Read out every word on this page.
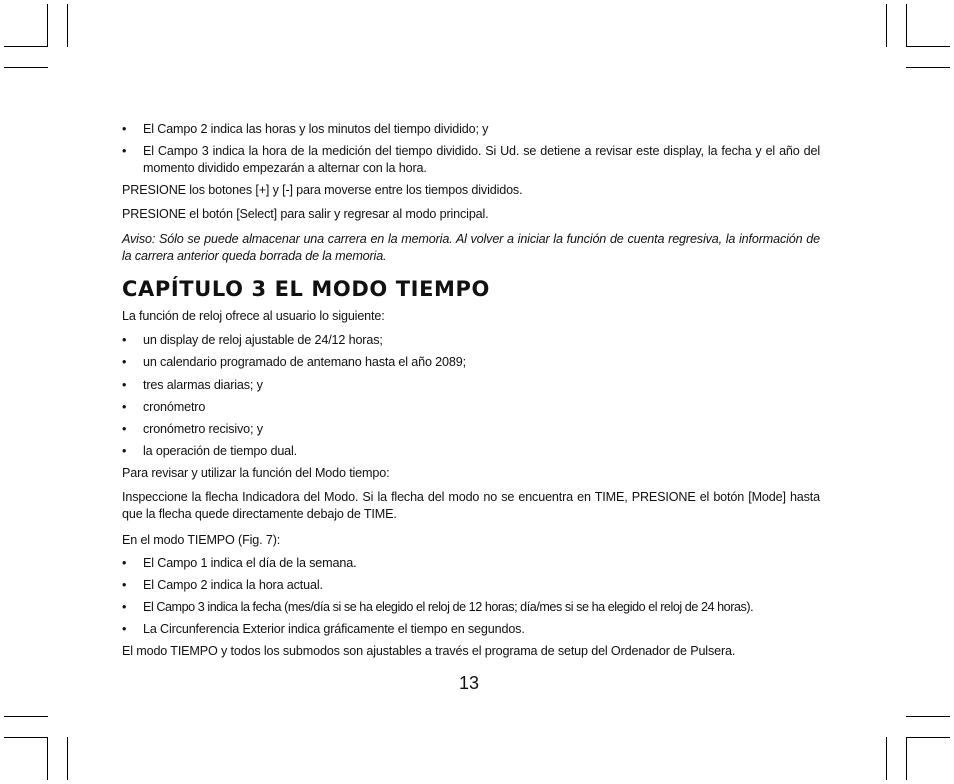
• El Campo 2 indica las horas y los minutos del tiempo dividido; y
• El Campo 3 indica la hora de la medición del tiempo dividido. Si Ud. se detiene a revisar este display, la fecha y el año del momento dividido empezarán a alternar con la hora.
PRESIONE los botones [+] y [-] para moverse entre los tiempos divididos.
PRESIONE el botón [Select] para salir y regresar al modo principal.
Aviso: Sólo se puede almacenar una carrera en la memoria. Al volver a iniciar la función de cuenta regresiva, la información de la carrera anterior queda borrada de la memoria.
CAPÍTULO 3 EL MODO TIEMPO
La función de reloj ofrece al usuario lo siguiente:
• un display de reloj ajustable de 24/12 horas;
• un calendario programado de antemano hasta el año 2089;
• tres alarmas diarias; y
• cronómetro
• cronómetro recisivo; y
• la operación de tiempo dual.
Para revisar y utilizar la función del Modo tiempo:
Inspeccione la flecha Indicadora del Modo. Si la flecha del modo no se encuentra en TIME, PRESIONE el botón [Mode] hasta que la flecha quede directamente debajo de TIME.
En el modo TIEMPO (Fig. 7):
• El Campo 1 indica el día de la semana.
• El Campo 2 indica la hora actual.
• El Campo 3 indica la fecha (mes/día si se ha elegido el reloj de 12 horas; día/mes si se ha elegido el reloj de 24 horas).
• La Circunferencia Exterior indica gráficamente el tiempo en segundos.
El modo TIEMPO y todos los submodos son ajustables a través el programa de setup del Ordenador de Pulsera.
13
